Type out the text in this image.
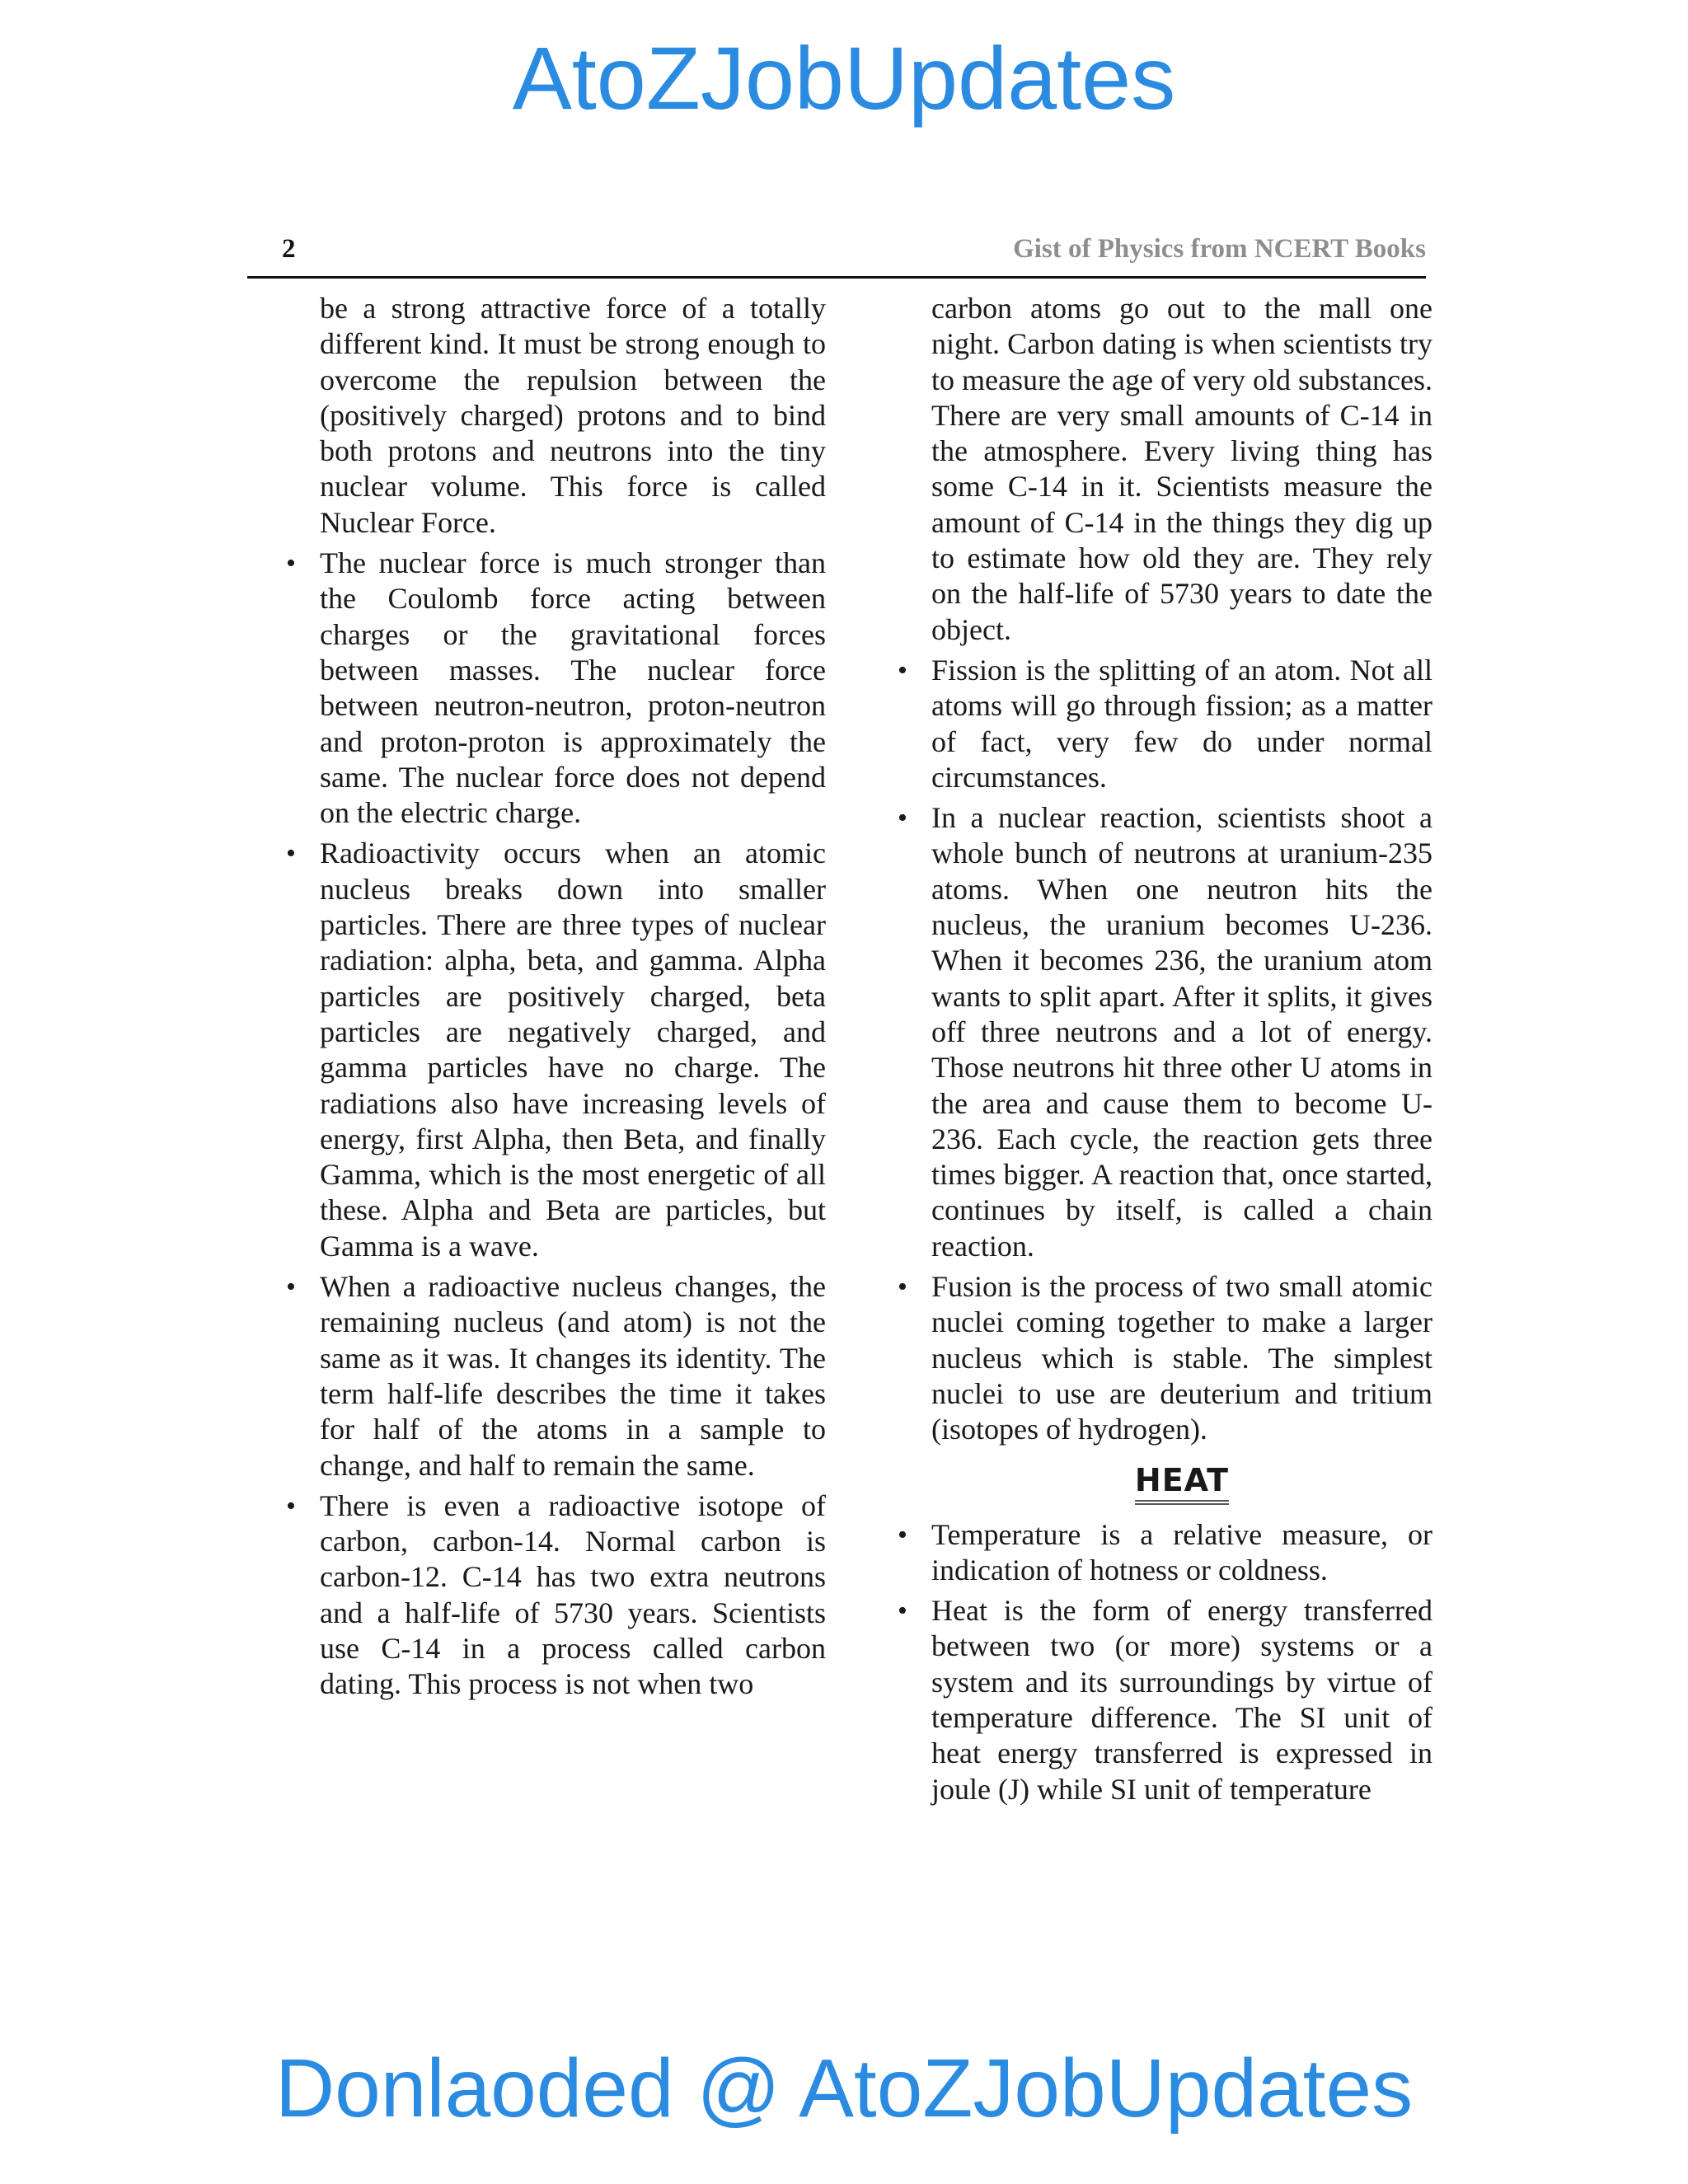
AtoZJobUpdates
2	Gist of Physics from NCERT Books

be a strong attractive force of a totally different kind. It must be strong enough to overcome the repulsion between the (positively charged) protons and to bind both protons and neutrons into the tiny nuclear volume. This force is called Nuclear Force.

• The nuclear force is much stronger than the Coulomb force acting between charges or the gravitational forces between masses. The nuclear force between neutron-neutron, proton-neutron and proton-proton is approximately the same. The nuclear force does not depend on the electric charge.
• Radioactivity occurs when an atomic nucleus breaks down into smaller particles. There are three types of nuclear radiation: alpha, beta, and gamma. Alpha particles are positively charged, beta particles are negatively charged, and gamma particles have no charge. The radiations also have increasing levels of energy, first Alpha, then Beta, and finally Gamma, which is the most energetic of all these. Alpha and Beta are particles, but Gamma is a wave.
• When a radioactive nucleus changes, the remaining nucleus (and atom) is not the same as it was. It changes its identity. The term half-life describes the time it takes for half of the atoms in a sample to change, and half to remain the same.
• There is even a radioactive isotope of carbon, carbon-14. Normal carbon is carbon-12. C-14 has two extra neutrons and a half-life of 5730 years. Scientists use C-14 in a process called carbon dating. This process is not when two

carbon atoms go out to the mall one night. Carbon dating is when scientists try to measure the age of very old substances. There are very small amounts of C-14 in the atmosphere. Every living thing has some C-14 in it. Scientists measure the amount of C-14 in the things they dig up to estimate how old they are. They rely on the half-life of 5730 years to date the object.

• Fission is the splitting of an atom. Not all atoms will go through fission; as a matter of fact, very few do under normal circumstances.
• In a nuclear reaction, scientists shoot a whole bunch of neutrons at uranium-235 atoms. When one neutron hits the nucleus, the uranium becomes U-236. When it becomes 236, the uranium atom wants to split apart. After it splits, it gives off three neutrons and a lot of energy. Those neutrons hit three other U atoms in the area and cause them to become U-236. Each cycle, the reaction gets three times bigger. A reaction that, once started, continues by itself, is called a chain reaction.
• Fusion is the process of two small atomic nuclei coming together to make a larger nucleus which is stable. The simplest nuclei to use are deuterium and tritium (isotopes of hydrogen).
HEAT
• Temperature is a relative measure, or indication of hotness or coldness.
• Heat is the form of energy transferred between two (or more) systems or a system and its surroundings by virtue of temperature difference. The SI unit of heat energy transferred is expressed in joule (J) while SI unit of temperature
Donlaoded @ AtoZJobUpdates
